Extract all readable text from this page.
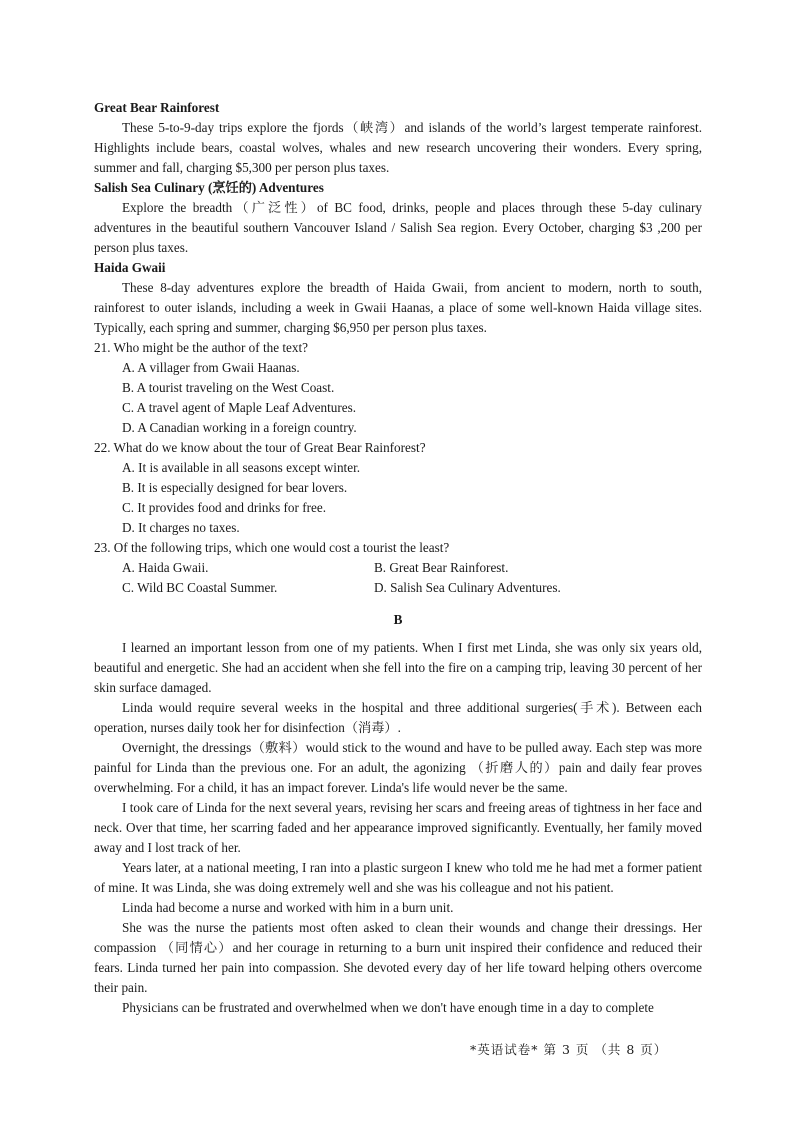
Great Bear Rainforest
These 5-to-9-day trips explore the fjords（峡湾）and islands of the world’s largest temperate rainforest. Highlights include bears, coastal wolves, whales and new research uncovering their wonders. Every spring, summer and fall, charging $5,300 per person plus taxes.
Salish Sea Culinary (烹饪的) Adventures
Explore the breadth（广泛性）of BC food, drinks, people and places through these 5-day culinary adventures in the beautiful southern Vancouver Island / Salish Sea region. Every October, charging $3 ,200 per person plus taxes.
Haida Gwaii
These 8-day adventures explore the breadth of Haida Gwaii, from ancient to modern, north to south, rainforest to outer islands, including a week in Gwaii Haanas, a place of some well-known Haida village sites. Typically, each spring and summer, charging $6,950 per person plus taxes.
21. Who might be the author of the text?
A. A villager from Gwaii Haanas.
B. A tourist traveling on the West Coast.
C. A travel agent of Maple Leaf Adventures.
D. A Canadian working in a foreign country.
22. What do we know about the tour of Great Bear Rainforest?
A. It is available in all seasons except winter.
B. It is especially designed for bear lovers.
C. It provides food and drinks for free.
D. It charges no taxes.
23. Of the following trips, which one would cost a tourist the least?
A. Haida Gwaii.	B. Great Bear Rainforest.
C. Wild BC Coastal Summer.	D. Salish Sea Culinary Adventures.
B
I learned an important lesson from one of my patients. When I first met Linda, she was only six years old, beautiful and energetic. She had an accident when she fell into the fire on a camping trip, leaving 30 percent of her skin surface damaged.
Linda would require several weeks in the hospital and three additional surgeries(手术). Between each operation, nurses daily took her for disinfection（消毒）.
Overnight, the dressings（敷料）would stick to the wound and have to be pulled away. Each step was more painful for Linda than the previous one. For an adult, the agonizing （折磨人的）pain and daily fear proves overwhelming. For a child, it has an impact forever. Linda's life would never be the same.
I took care of Linda for the next several years, revising her scars and freeing areas of tightness in her face and neck. Over that time, her scarring faded and her appearance improved significantly. Eventually, her family moved away and I lost track of her.
Years later, at a national meeting, I ran into a plastic surgeon I knew who told me he had met a former patient of mine. It was Linda, she was doing extremely well and she was his colleague and not his patient.
Linda had become a nurse and worked with him in a burn unit.
She was the nurse the patients most often asked to clean their wounds and change their dressings. Her compassion （同情心）and her courage in returning to a burn unit inspired their confidence and reduced their fears. Linda turned her pain into compassion. She devoted every day of her life toward helping others overcome their pain.
Physicians can be frustrated and overwhelmed when we don't have enough time in a day to complete
*英语试卷* 第 3 页 （共 8 页）
